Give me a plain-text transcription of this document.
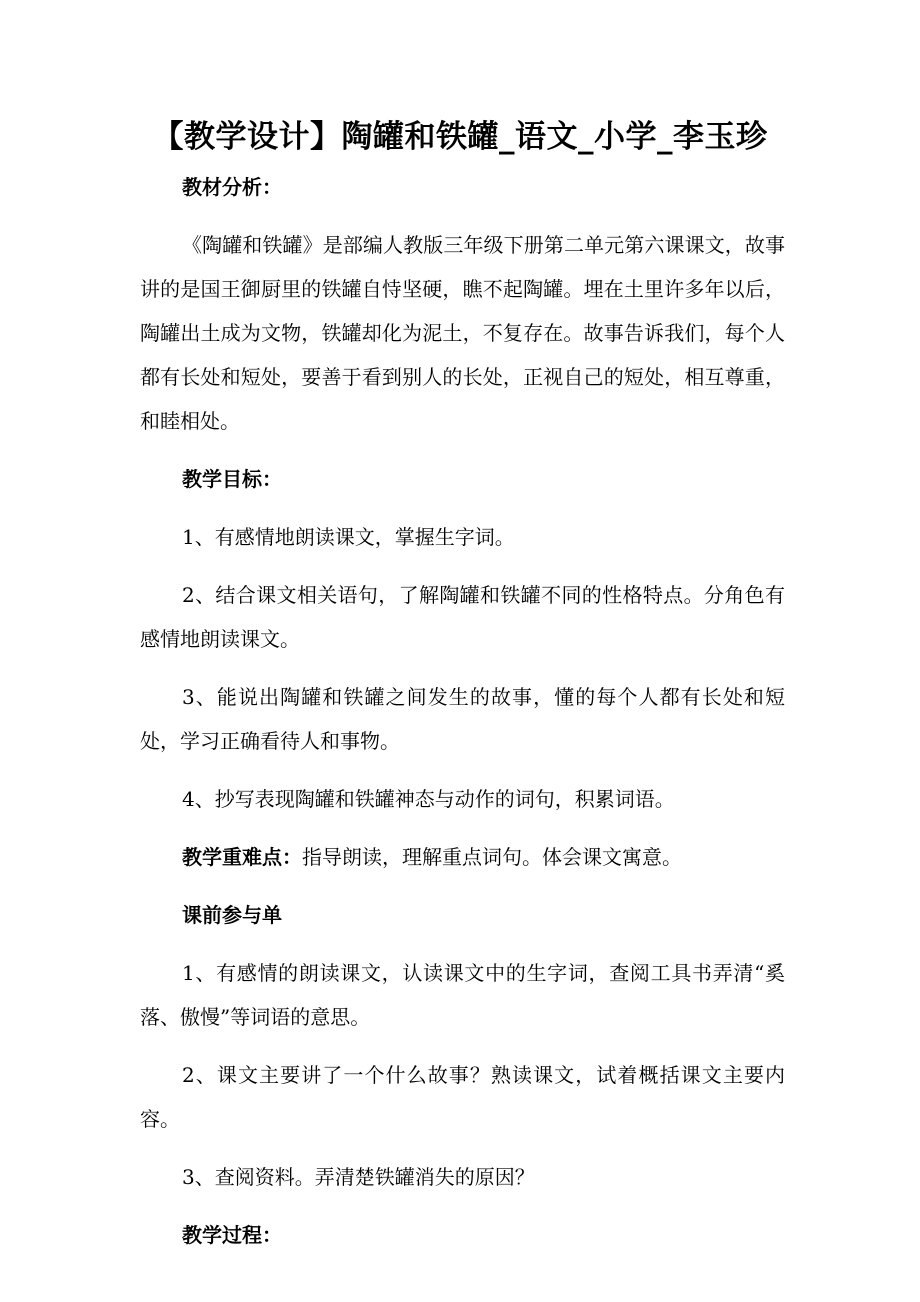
【教学设计】陶罐和铁罐_语文_小学_李玉珍

教材分析：

《陶罐和铁罐》是部编人教版三年级下册第二单元第六课课文，故事讲的是国王御厨里的铁罐自恃坚硬，瞧不起陶罐。埋在土里许多年以后，陶罐出土成为文物，铁罐却化为泥土，不复存在。故事告诉我们，每个人都有长处和短处，要善于看到别人的长处，正视自己的短处，相互尊重，和睦相处。

教学目标：

1、有感情地朗读课文，掌握生字词。

2、结合课文相关语句，了解陶罐和铁罐不同的性格特点。分角色有感情地朗读课文。

3、能说出陶罐和铁罐之间发生的故事，懂的每个人都有长处和短处，学习正确看待人和事物。

4、抄写表现陶罐和铁罐神态与动作的词句，积累词语。

教学重难点：指导朗读，理解重点词句。体会课文寓意。

课前参与单

1、有感情的朗读课文，认读课文中的生字词，查阅工具书弄清“奚落、傲慢”等词语的意思。

2、课文主要讲了一个什么故事？熟读课文，试着概括课文主要内容。

3、查阅资料。弄清楚铁罐消失的原因？

教学过程：
